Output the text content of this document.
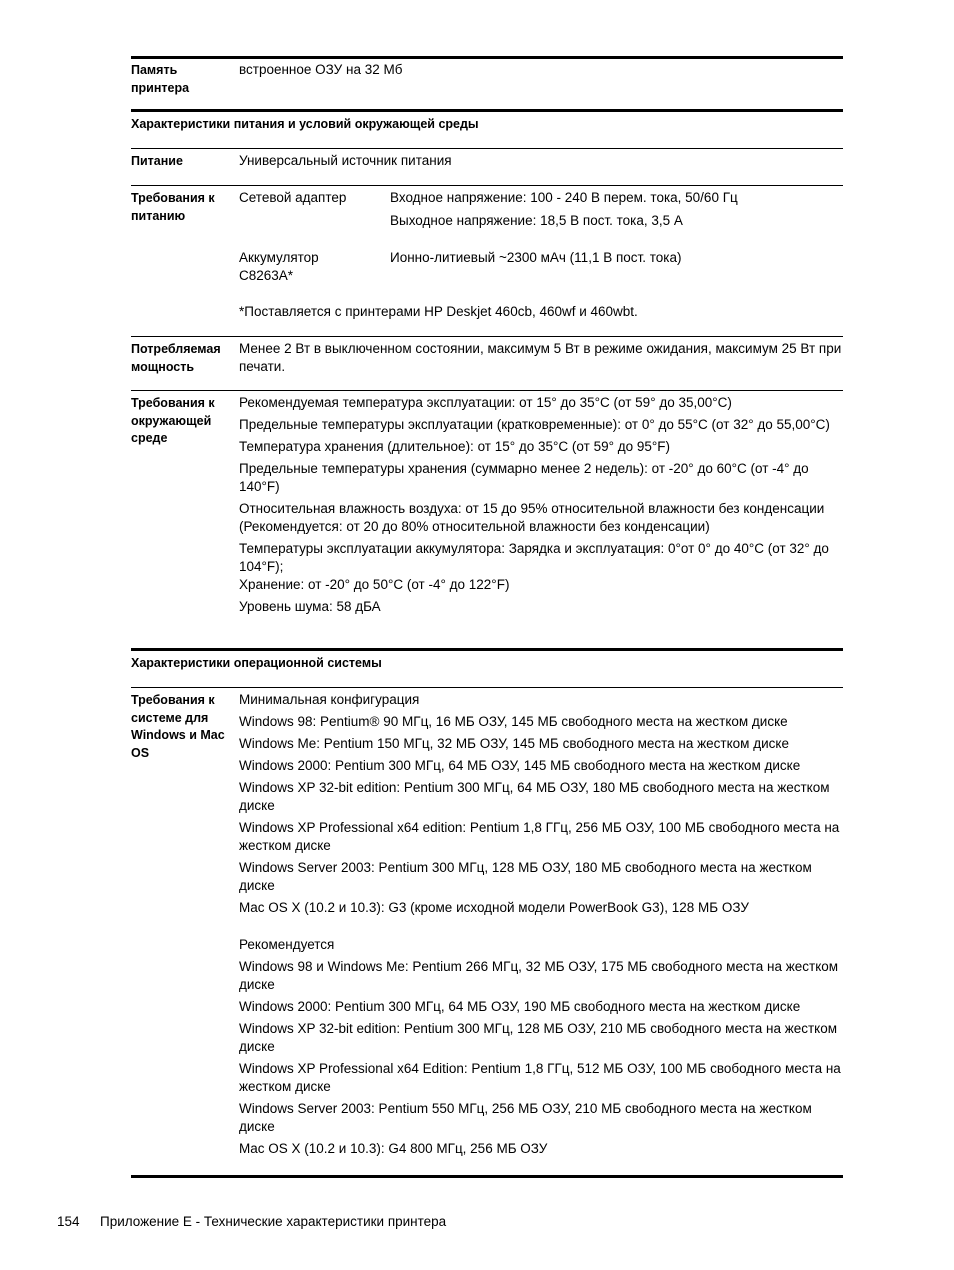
Память принтера
встроенное ОЗУ на 32 Мб
Характеристики питания и условий окружающей среды
Питание	Универсальный источник питания
Требования к питанию
Сетевой адаптер	Входное напряжение: 100 - 240 В перем. тока, 50/60 Гц
Выходное напряжение: 18,5 В пост. тока, 3,5 А
Аккумулятор C8263A*
Ионно-литиевый ~2300 мАч (11,1 В пост. тока)
*Поставляется с принтерами HP Deskjet 460cb, 460wf и 460wbt.
Потребляемая мощность
Менее 2 Вт в выключенном состоянии, максимум 5 Вт в режиме ожидания, максимум 25 Вт при печати.
Требования к окружающей среде

Рекомендуемая температура эксплуатации: от 15° до 35°C (от 59° до 35,00°C)

Предельные температуры эксплуатации (кратковременные): от 0° до 55°C (от 32° до 55,00°C)

Температура хранения (длительное): от 15° до 35°C (от 59° до 95°F)

Предельные температуры хранения (суммарно менее 2 недель): от -20° до 60°C (от -4° до 140°F)

Относительная влажность воздуха: от 15 до 95% относительной влажности без конденсации (Рекомендуется: от 20 до 80% относительной влажности без конденсации)

Температуры эксплуатации аккумулятора: Зарядка и эксплуатация: 0°от 0° до 40°C (от 32° до 104°F);

Хранение: от -20° до 50°C (от -4° до 122°F)

Уровень шума: 58 дБА

Характеристики операционной системы
Требования к системе для Windows и Mac OS

Минимальная конфигурация

Windows 98: Pentium® 90 МГц, 16 МБ ОЗУ, 145 МБ свободного места на жестком диске

Windows Me: Pentium 150 МГц, 32 МБ ОЗУ, 145 МБ свободного места на жестком диске

Windows 2000: Pentium 300 МГц, 64 МБ ОЗУ, 145 МБ свободного места на жестком диске

Windows XP 32-bit edition: Pentium 300 МГц, 64 МБ ОЗУ, 180 МБ свободного места на жестком диске

Windows XP Professional x64 edition: Pentium 1,8 ГГц, 256 МБ ОЗУ, 100 МБ свободного места на жестком диске

Windows Server 2003: Pentium 300 МГц, 128 МБ ОЗУ, 180 МБ свободного места на жестком диске

Mac OS X (10.2 и 10.3): G3 (кроме исходной модели PowerBook G3), 128 МБ ОЗУ

Рекомендуется

Windows 98 и Windows Me: Pentium 266 МГц, 32 МБ ОЗУ, 175 МБ свободного места на жестком диске

Windows 2000: Pentium 300 МГц, 64 МБ ОЗУ, 190 МБ свободного места на жестком диске

Windows XP 32-bit edition: Pentium 300 МГц, 128 МБ ОЗУ, 210 МБ свободного места на жестком диске

Windows XP Professional x64 Edition: Pentium 1,8 ГГц, 512 МБ ОЗУ, 100 МБ свободного места на жестком диске

Windows Server 2003: Pentium 550 МГц, 256 МБ ОЗУ, 210 МБ свободного места на жестком диске

Mac OS X (10.2 и 10.3): G4 800 МГц, 256 МБ ОЗУ

154 Приложение E - Технические характеристики принтера
